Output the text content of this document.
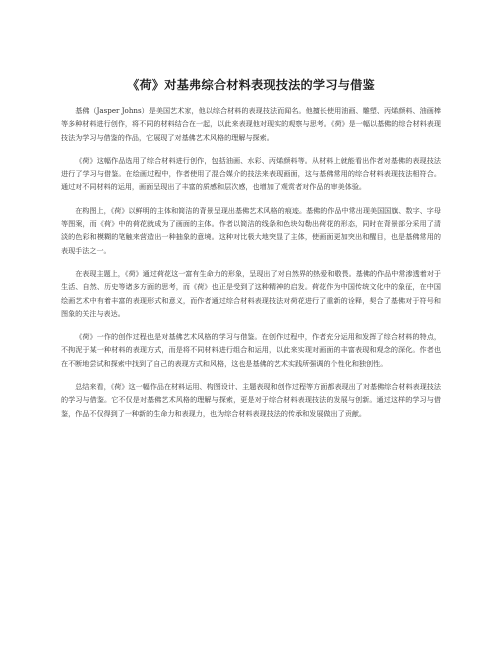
《荷》对基弗综合材料表现技法的学习与借鉴

基佛（Jasper Johns）是美国艺术家，他以综合材料的表现技法而闻名。他擅长使用油画、雕塑、丙烯颜料、油画棒等多种材料进行创作，将不同的材料结合在一起，以此来表现他对现实的观察与思考。《荷》是一幅以基佛的综合材料表现技法为学习与借鉴的作品，它展现了对基佛艺术风格的理解与探索。

《荷》这幅作品选用了综合材料进行创作，包括油画、水彩、丙烯颜料等。从材料上就能看出作者对基佛的表现技法进行了学习与借鉴。在绘画过程中，作者使用了混合媒介的技法来表现画面，这与基佛常用的综合材料表现技法相符合。通过对不同材料的运用，画面呈现出了丰富的质感和层次感，也增加了观赏者对作品的审美体验。

在构图上，《荷》以鲜明的主体和简洁的背景呈现出基佛艺术风格的痕迹。基佛的作品中常出现美国国旗、数字、字母等图案，而《荷》中的荷花就成为了画面的主体。作者以简洁的线条和色块勾勒出荷花的形态，同时在背景部分采用了清淡的色彩和模糊的笔触来营造出一种抽象的意境。这种对比极大地突显了主体，使画面更加突出和醒目，也是基佛常用的表现手法之一。

在表现主题上，《荷》通过荷花这一富有生命力的形象，呈现出了对自然界的热爱和敬畏。基佛的作品中常渗透着对于生活、自然、历史等诸多方面的思考，而《荷》也正是受到了这种精神的启发。荷花作为中国传统文化中的象征，在中国绘画艺术中有着丰富的表现形式和意义，而作者通过综合材料表现技法对荷花进行了重新的诠释，契合了基佛对于符号和图象的关注与表达。

《荷》一作的创作过程也是对基佛艺术风格的学习与借鉴。在创作过程中，作者充分运用和发挥了综合材料的特点，不拘泥于某一种材料的表现方式，而是将不同材料进行组合和运用，以此来实现对画面的丰富表现和观念的深化。作者也在不断地尝试和探索中找到了自己的表现方式和风格，这也是基佛的艺术实践所强调的个性化和独创性。

总结来看，《荷》这一幅作品在材料运用、构图设计、主题表现和创作过程等方面都表现出了对基佛综合材料表现技法的学习与借鉴。它不仅是对基佛艺术风格的理解与探索，更是对于综合材料表现技法的发展与创新。通过这样的学习与借鉴，作品不仅得到了一种新的生命力和表现力，也为综合材料表现技法的传承和发展做出了贡献。
